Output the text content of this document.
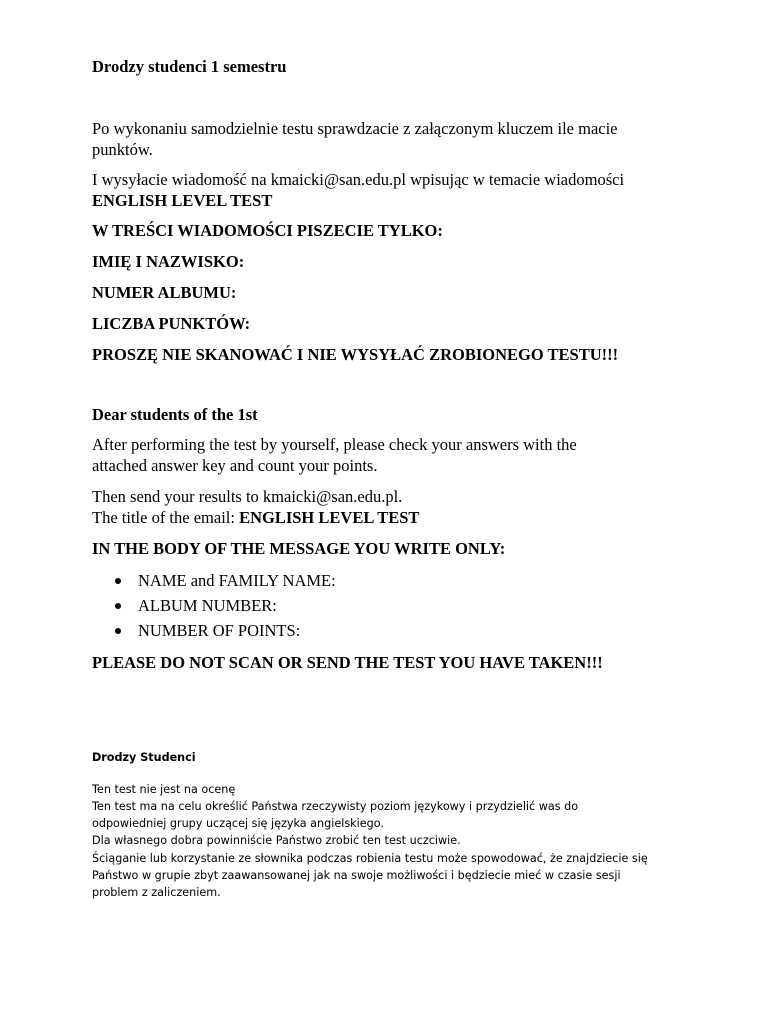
Drodzy studenci 1 semestru

Po wykonaniu samodzielnie testu sprawdzacie z załączonym kluczem ile macie

punktów.

I wysyłacie wiadomość na kmaicki@san.edu.pl wpisując w temacie wiadomości

ENGLISH LEVEL TEST

W TREŚCI WIADOMOŚCI PISZECIE TYLKO:

IMIĘ I NAZWISKO:

NUMER ALBUMU:

LICZBA PUNKTÓW:

PROSZĘ NIE SKANOWAĆ I NIE WYSYŁAĆ ZROBIONEGO TESTU!!!

Dear students of the 1st

After performing the test by yourself, please check your answers with the

attached answer key and count your points.

Then send your results to kmaicki@san.edu.pl.

The title of the email: ENGLISH LEVEL TEST

IN THE BODY OF THE MESSAGE YOU WRITE ONLY:

NAME and FAMILY NAME:
ALBUM NUMBER:
NUMBER OF POINTS:

PLEASE DO NOT SCAN OR SEND THE TEST YOU HAVE TAKEN!!!

Drodzy Studenci

Ten test nie jest na ocenę

Ten test ma na celu określić Państwa rzeczywisty poziom językowy i przydzielić was do

odpowiedniej grupy uczącej się języka angielskiego.

Dla własnego dobra powinniście Państwo zrobić ten test uczciwie.

Ściąganie lub korzystanie ze słownika podczas robienia testu może spowodować, że znajdziecie się

Państwo w grupie zbyt zaawansowanej jak na swoje możliwości i będziecie mieć w czasie sesji

problem z zaliczeniem.
